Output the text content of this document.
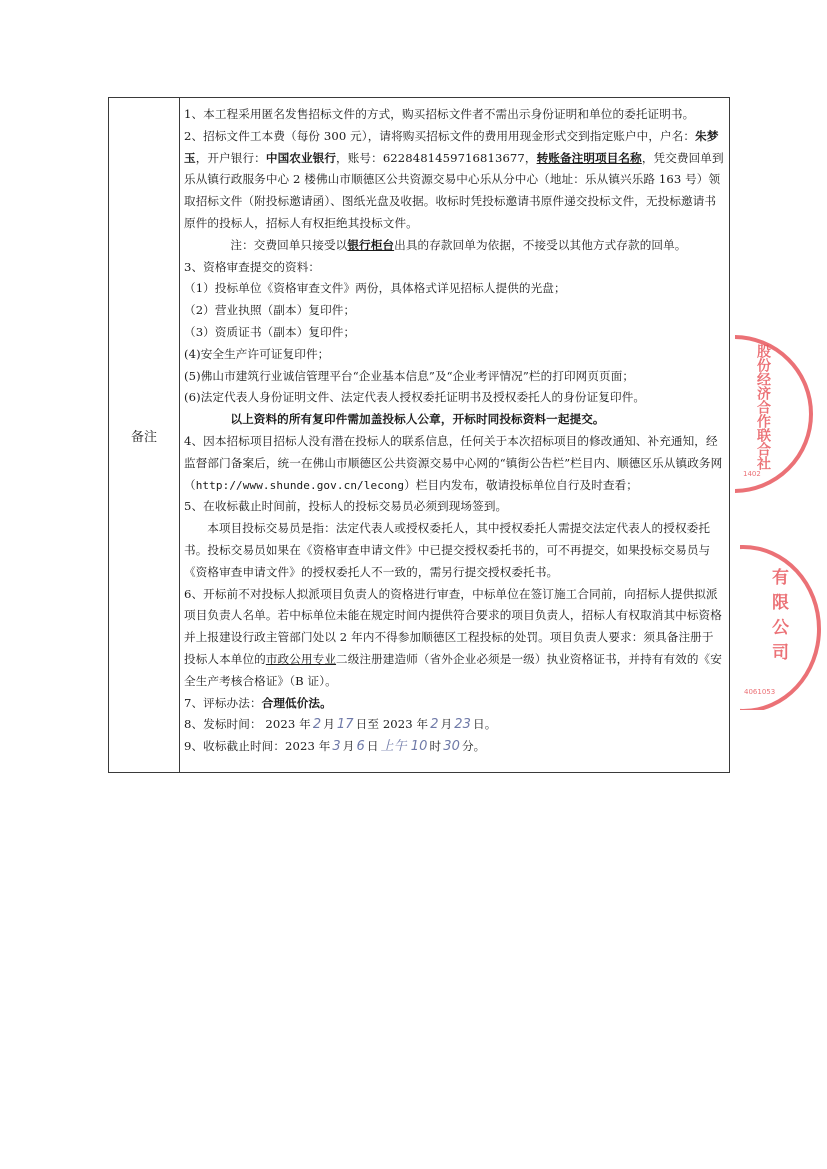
备注

1、本工程采用匿名发售招标文件的方式，购买招标文件者不需出示身份证明和单位的委托证明书。

2、招标文件工本费（每份 300 元），请将购买招标文件的费用用现金形式交到指定账户中，户名：朱梦玉，开户银行：中国农业银行，账号：6228481459716813677，转账备注明项目名称，凭交费回单到乐从镇行政服务中心 2 楼佛山市顺德区公共资源交易中心乐从分中心（地址：乐从镇兴乐路 163 号）领取招标文件（附投标邀请函）、图纸光盘及收据。收标时凭投标邀请书原件递交投标文件，无投标邀请书原件的投标人，招标人有权拒绝其投标文件。

注：交费回单只接受以银行柜台出具的存款回单为依据，不接受以其他方式存款的回单。

3、资格审查提交的资料：

（1）投标单位《资格审查文件》两份，具体格式详见招标人提供的光盘；

（2）营业执照（副本）复印件；

（3）资质证书（副本）复印件；

(4)安全生产许可证复印件；

(5)佛山市建筑行业诚信管理平台“企业基本信息”及“企业考评情况”栏的打印网页页面；

(6)法定代表人身份证明文件、法定代表人授权委托证明书及授权委托人的身份证复印件。

以上资料的所有复印件需加盖投标人公章，开标时同投标资料一起提交。

4、因本招标项目招标人没有潜在投标人的联系信息，任何关于本次招标项目的修改通知、补充通知，经监督部门备案后，统一在佛山市顺德区公共资源交易中心网的“镇街公告栏”栏目内、顺德区乐从镇政务网（http://www.shunde.gov.cn/lecong）栏目内发布，敬请投标单位自行及时查看；

5、在收标截止时间前，投标人的投标交易员必须到现场签到。

本项目投标交易员是指：法定代表人或授权委托人，其中授权委托人需提交法定代表人的授权委托书。投标交易员如果在《资格审查申请文件》中已提交授权委托书的，可不再提交，如果投标交易员与《资格审查申请文件》的授权委托人不一致的，需另行提交授权委托书。

6、开标前不对投标人拟派项目负责人的资格进行审查，中标单位在签订施工合同前，向招标人提供拟派项目负责人名单。若中标单位未能在规定时间内提供符合要求的项目负责人，招标人有权取消其中标资格并上报建设行政主管部门处以 2 年内不得参加顺德区工程投标的处罚。项目负责人要求：须具备注册于投标人本单位的市政公用专业二级注册建造师（省外企业必须是一级）执业资格证书，并持有有效的《安全生产考核合格证》（B 证）。

7、评标办法：合理低价法。

8、发标时间： 2023 年 2 月 17 日至 2023 年 2 月 23 日。

9、收标截止时间：2023 年 3 月 6 日 上午 10 时 30 分。

股份经济合作联合社
1402
有限公司
4061053
